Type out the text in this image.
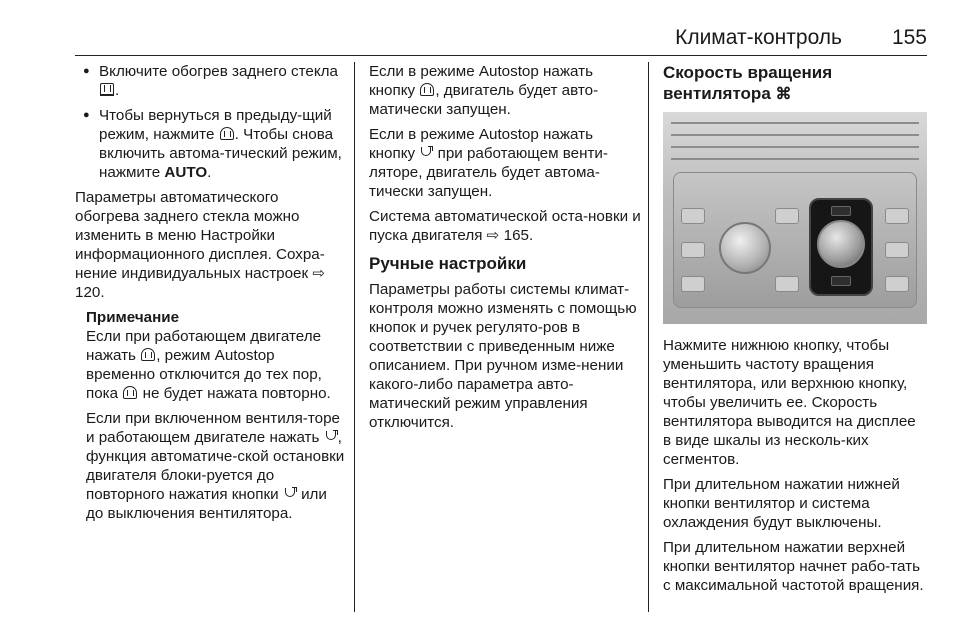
Климат-контроль 155
● Включите обогрев заднего стекла .
● Чтобы вернуться в предыду-щий режим, нажмите . Чтобы снова включить автома-тический режим, нажмите AUTO.

Параметры автоматического обогрева заднего стекла можно изменить в меню Настройки информационного дисплея. Сохра-нение индивидуальных настроек ⇨ 120.

Примечание

Если при работающем двигателе нажать , режим Autostop временно отключится до тех пор, пока не будет нажата повторно.

Если при включенном вентиля-торе и работающем двигателе нажать , функция автоматиче-ской остановки двигателя блоки-руется до повторного нажатия кнопки или до выключения вентилятора.

Если в режиме Autostop нажать кнопку , двигатель будет авто-матически запущен.

Если в режиме Autostop нажать кнопку при работающем венти-ляторе, двигатель будет автома-тически запущен.

Система автоматической оста-новки и пуска двигателя ⇨ 165.

Ручные настройки

Параметры работы системы климат-контроля можно изменять с помощью кнопок и ручек регулято-ров в соответствии с приведенным ниже описанием. При ручном изме-нении какого-либо параметра авто-матический режим управления отключится.

Скорость вращения вентилятора ⌘

Нажмите нижнюю кнопку, чтобы уменьшить частоту вращения вентилятора, или верхнюю кнопку, чтобы увеличить ее. Скорость вентилятора выводится на дисплее в виде шкалы из несколь-ких сегментов.

При длительном нажатии нижней кнопки вентилятор и система охлаждения будут выключены.

При длительном нажатии верхней кнопки вентилятор начнет рабо-тать с максимальной частотой вращения.
